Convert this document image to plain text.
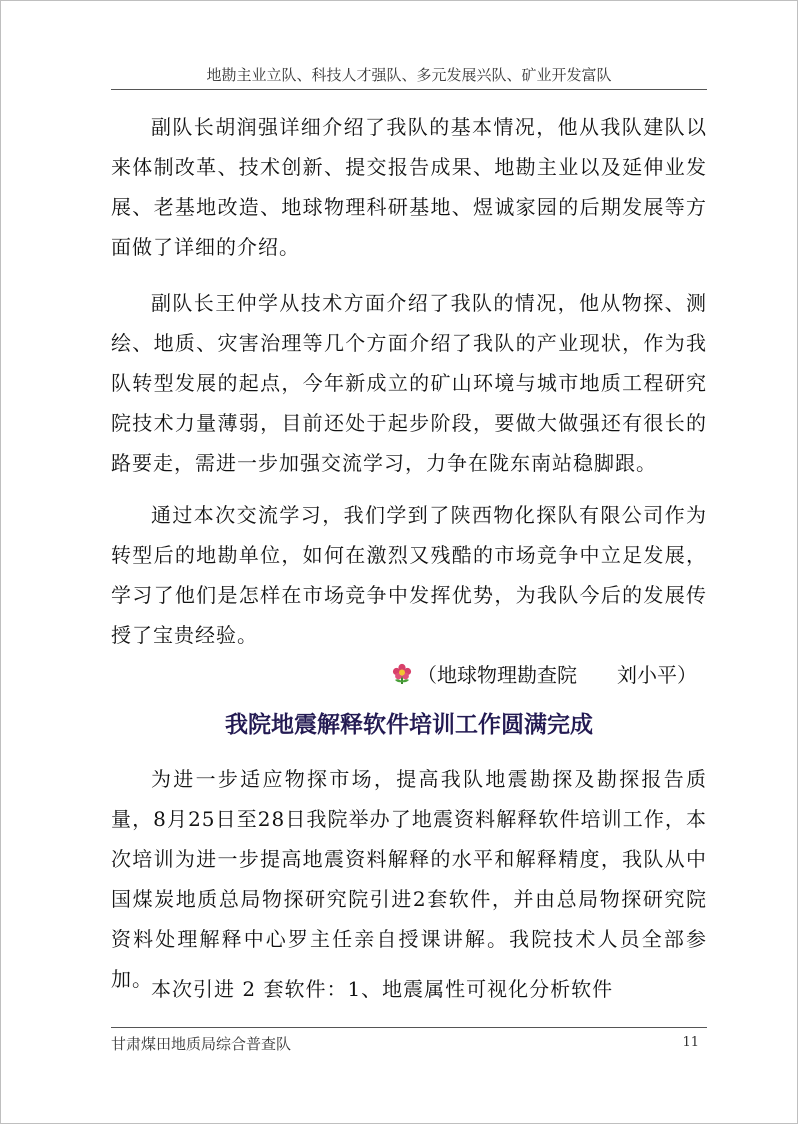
地勘主业立队、科技人才强队、多元发展兴队、矿业开发富队

副队长胡润强详细介绍了我队的基本情况，他从我队建队以来体制改革、技术创新、提交报告成果、地勘主业以及延伸业发展、老基地改造、地球物理科研基地、煜诚家园的后期发展等方面做了详细的介绍。

副队长王仲学从技术方面介绍了我队的情况，他从物探、测绘、地质、灾害治理等几个方面介绍了我队的产业现状，作为我队转型发展的起点，今年新成立的矿山环境与城市地质工程研究院技术力量薄弱，目前还处于起步阶段，要做大做强还有很长的路要走，需进一步加强交流学习，力争在陇东南站稳脚跟。

通过本次交流学习，我们学到了陕西物化探队有限公司作为转型后的地勘单位，如何在激烈又残酷的市场竞争中立足发展，学习了他们是怎样在市场竞争中发挥优势，为我队今后的发展传授了宝贵经验。

（地球物理勘查院　　刘小平）
我院地震解释软件培训工作圆满完成

为进一步适应物探市场，提高我队地震勘探及勘探报告质量，8月25日至28日我院举办了地震资料解释软件培训工作，本次培训为进一步提高地震资料解释的水平和解释精度，我队从中国煤炭地质总局物探研究院引进2套软件，并由总局物探研究院资料处理解释中心罗主任亲自授课讲解。我院技术人员全部参加。

本次引进 2 套软件：1、地震属性可视化分析软件

甘肃煤田地质局综合普查队	11
